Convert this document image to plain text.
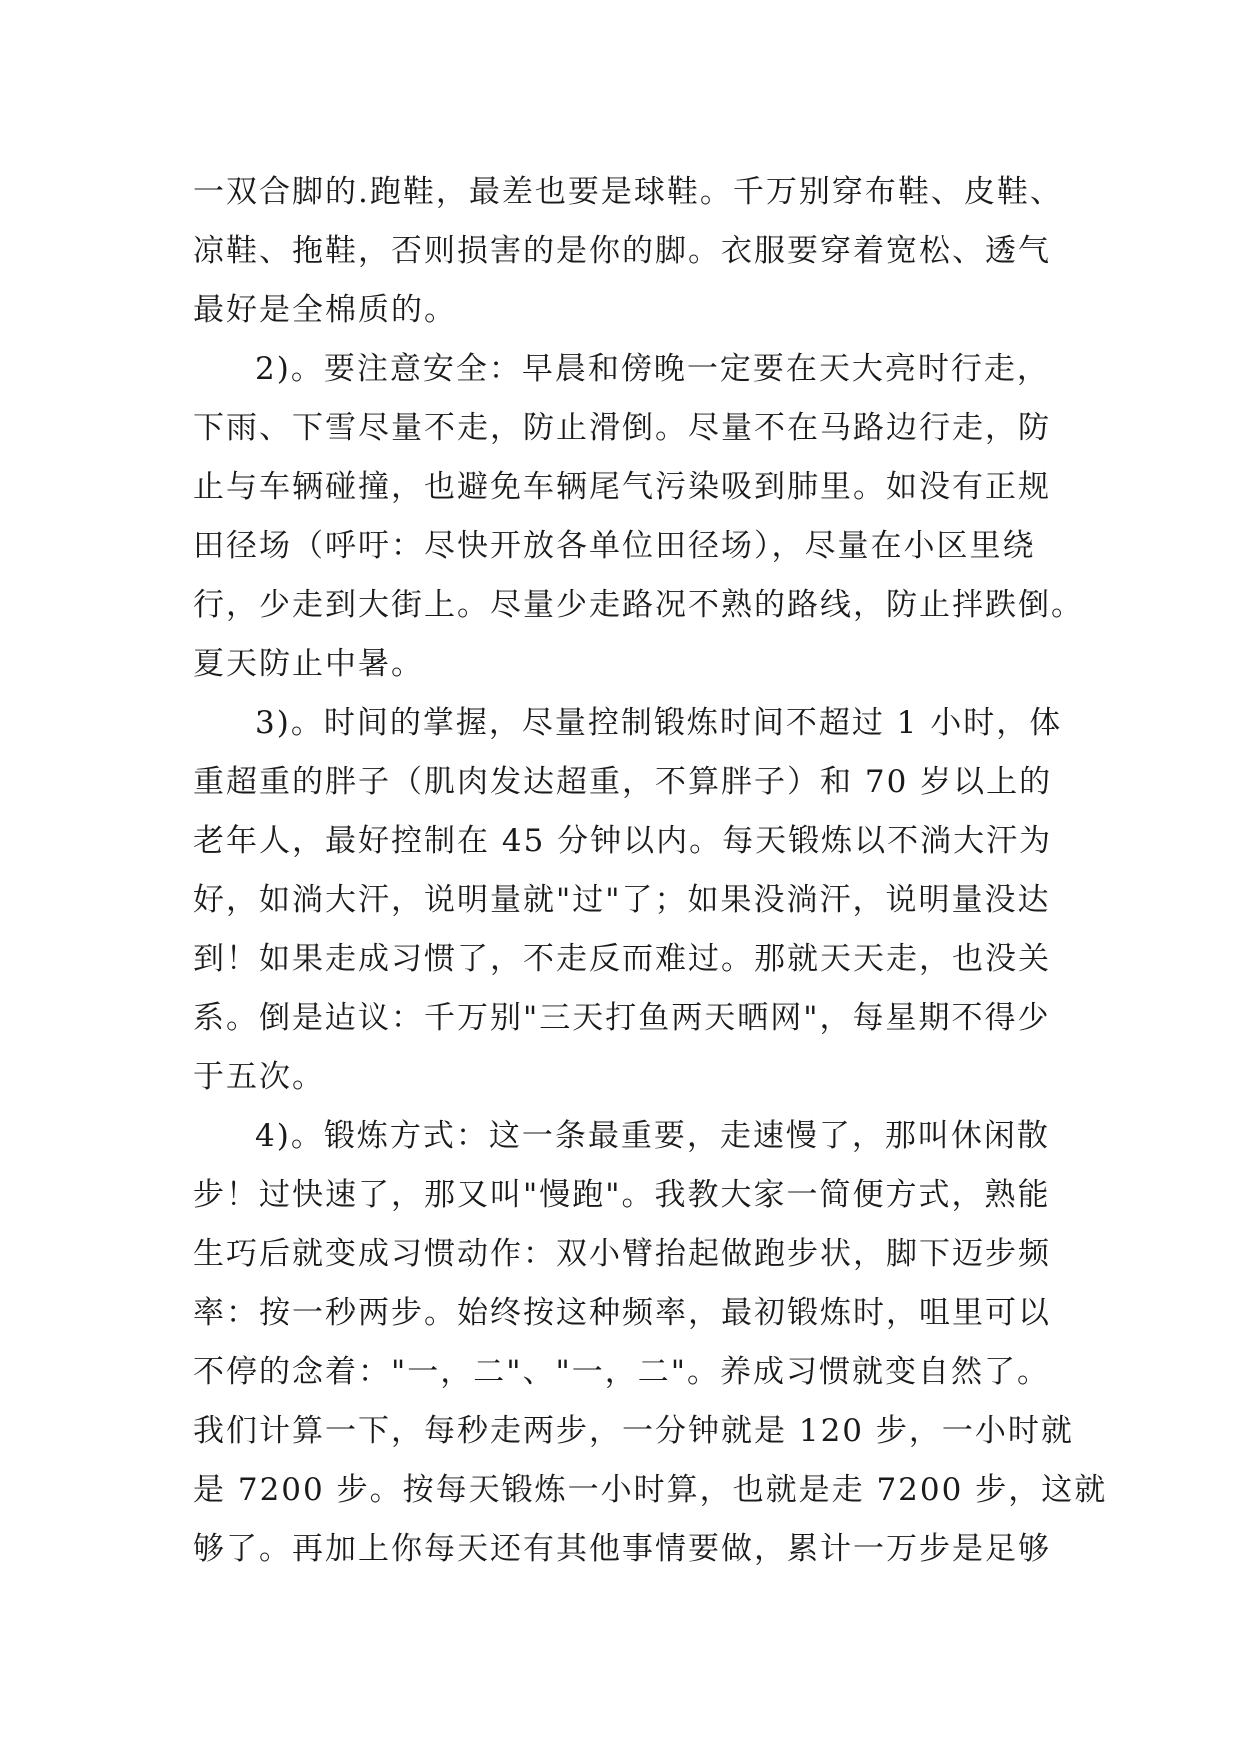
一双合脚的.跑鞋，最差也要是球鞋。千万别穿布鞋、皮鞋、
凉鞋、拖鞋，否则损害的是你的脚。衣服要穿着宽松、透气
最好是全棉质的。

2)。要注意安全：早晨和傍晚一定要在天大亮时行走，
下雨、下雪尽量不走，防止滑倒。尽量不在马路边行走，防
止与车辆碰撞，也避免车辆尾气污染吸到肺里。如没有正规
田径场（呼吁：尽快开放各单位田径场），尽量在小区里绕
行，少走到大街上。尽量少走路况不熟的路线，防止拌跌倒。
夏天防止中暑。

3)。时间的掌握，尽量控制锻炼时间不超过 1 小时，体
重超重的胖子（肌肉发达超重，不算胖子）和 70 岁以上的
老年人，最好控制在 45 分钟以内。每天锻炼以不淌大汗为
好，如淌大汗，说明量就"过"了；如果没淌汗，说明量没达
到！如果走成习惯了，不走反而难过。那就天天走，也没关
系。倒是迠议：千万别"三天打鱼两天晒网"，每星期不得少
于五次。

4)。锻炼方式：这一条最重要，走速慢了，那叫休闲散
步！过快速了，那又叫"慢跑"。我教大家一简便方式，熟能
生巧后就变成习惯动作：双小臂抬起做跑步状，脚下迈步频
率：按一秒两步。始终按这种频率，最初锻炼时，咀里可以
不停的念着："一，二"、"一，二"。养成习惯就变自然了。
我们计算一下，每秒走两步，一分钟就是 120 步，一小时就
是 7200 步。按每天锻炼一小时算，也就是走 7200 步，这就
够了。再加上你每天还有其他事情要做，累计一万步是足够
